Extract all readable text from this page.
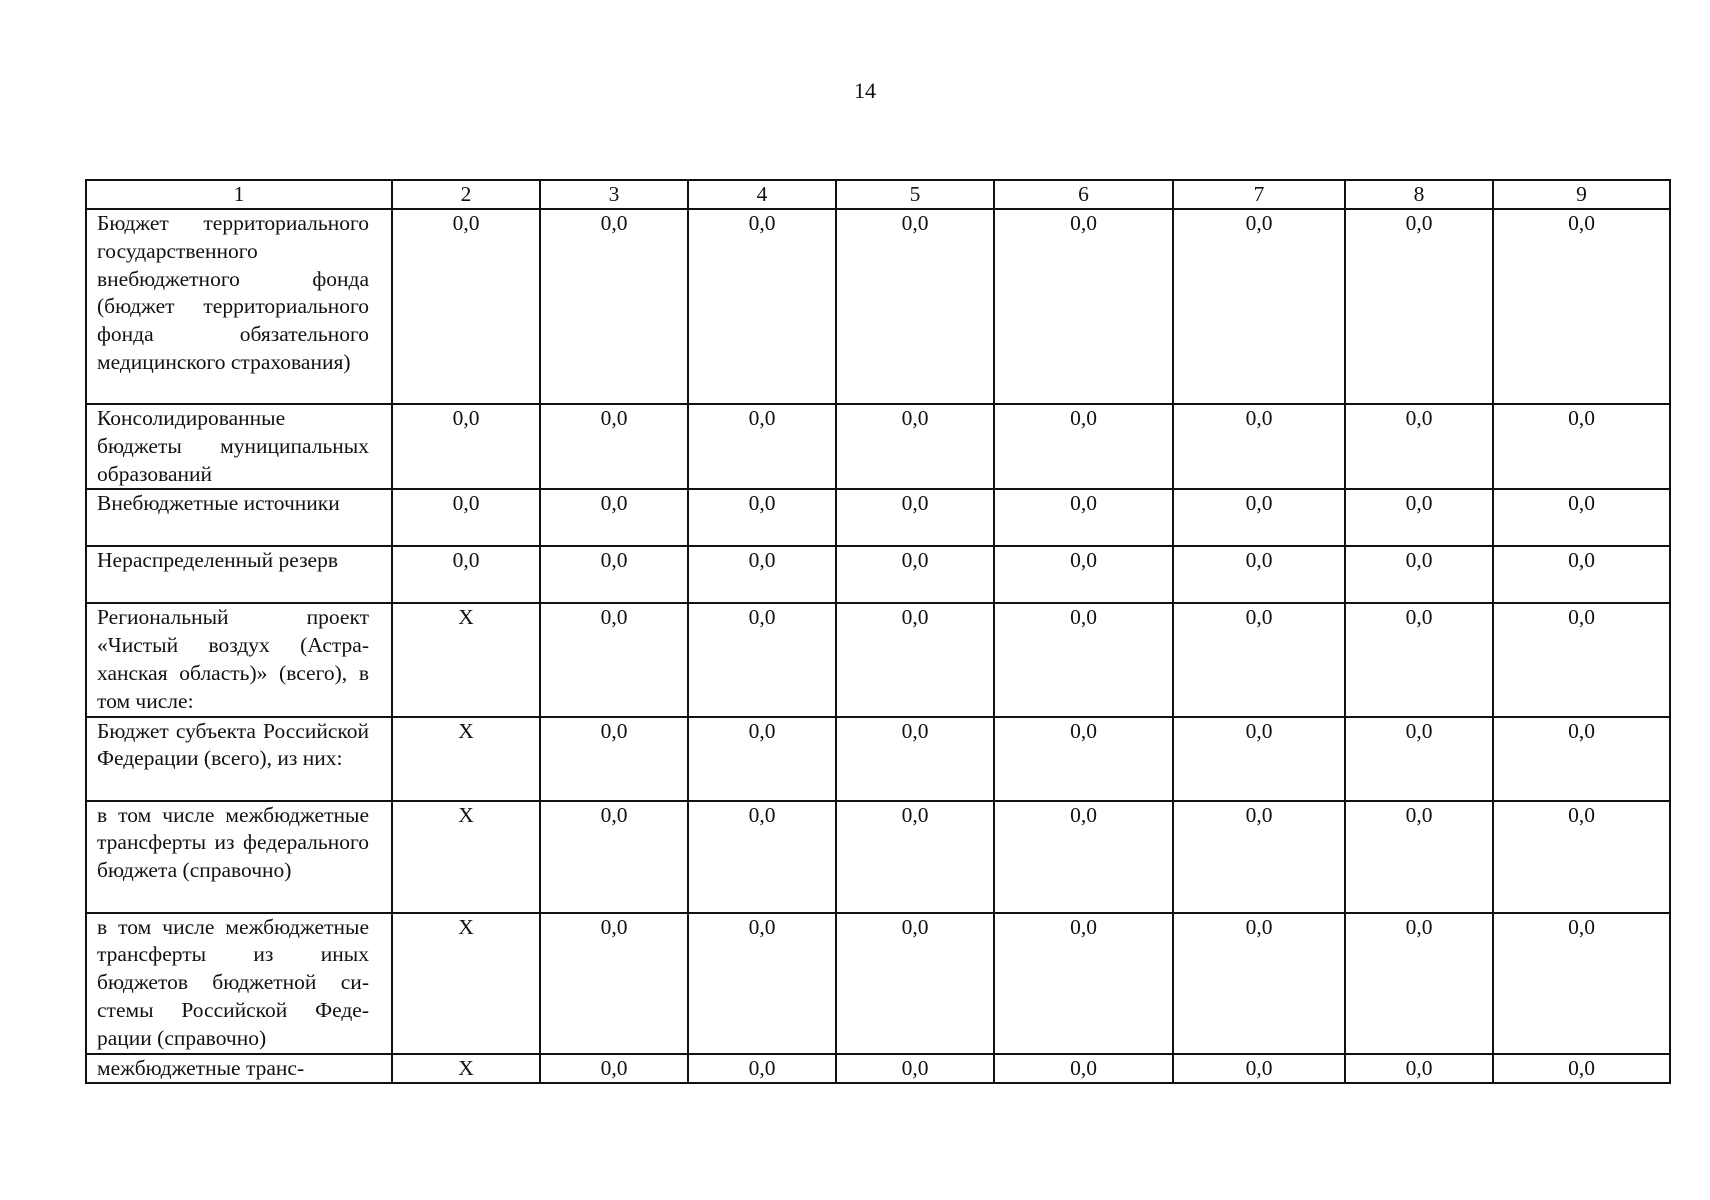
14
1	2	3	4	5	6	7	8	9
Бюджет территориального государственного внебюджетного фонда (бюджет территориального фонда обязательного медицинского страхования)	0,0	0,0	0,0	0,0	0,0	0,0	0,0	0,0
Консолидированные бюджеты муниципальных образований	0,0	0,0	0,0	0,0	0,0	0,0	0,0	0,0
Внебюджетные источники	0,0	0,0	0,0	0,0	0,0	0,0	0,0	0,0
Нераспределенный резерв	0,0	0,0	0,0	0,0	0,0	0,0	0,0	0,0
Региональный проект «Чистый воздух (Астраханская область)» (всего), в том числе:	X	0,0	0,0	0,0	0,0	0,0	0,0	0,0
Бюджет субъекта Российской Федерации (всего), из них:	X	0,0	0,0	0,0	0,0	0,0	0,0	0,0
в том числе межбюджетные трансферты из федерального бюджета (справочно)	X	0,0	0,0	0,0	0,0	0,0	0,0	0,0
в том числе межбюджетные трансферты из иных бюджетов бюджетной системы Российской Федерации (справочно)	X	0,0	0,0	0,0	0,0	0,0	0,0	0,0
межбюджетные транс-	X	0,0	0,0	0,0	0,0	0,0	0,0	0,0
